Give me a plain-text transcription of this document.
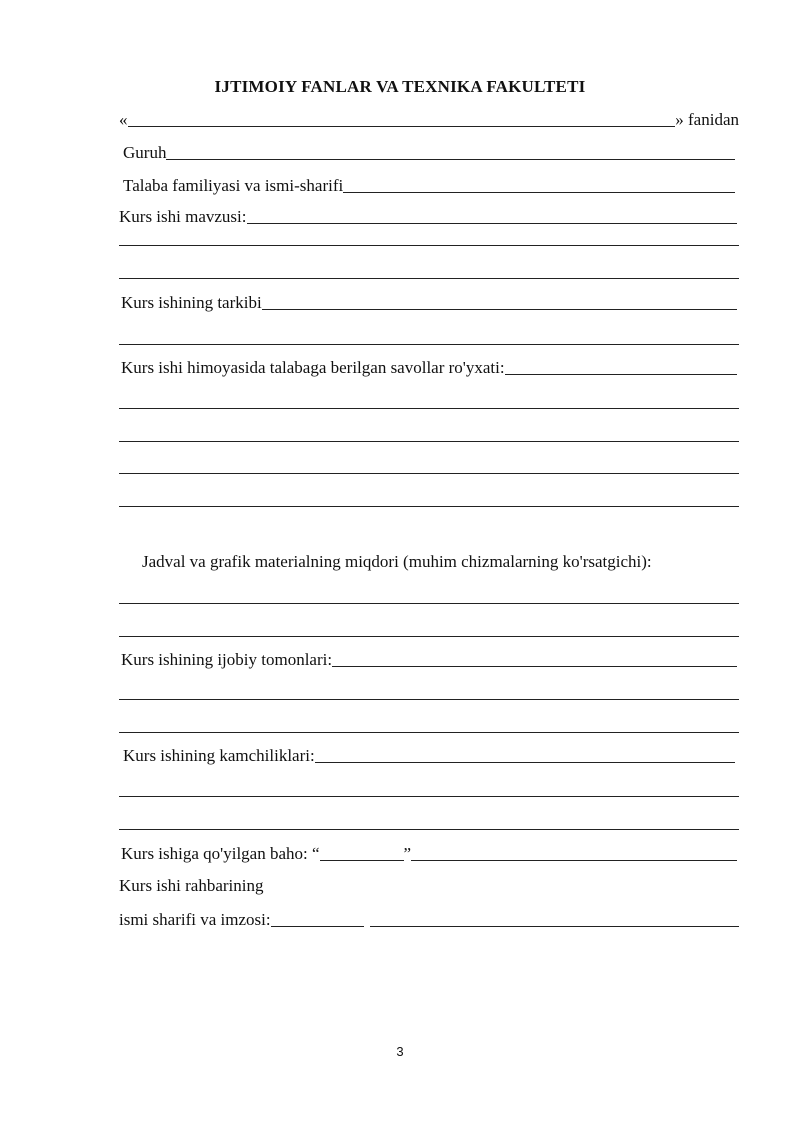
IJTIMOIY FANLAR VA TEXNIKA FAKULTETI
«	» fanidan
Guruh
Talaba familiyasi va ismi-sharifi
Kurs ishi mavzusi:
Kurs ishining tarkibi
Kurs ishi himoyasida talabaga berilgan savollar ro'yxati:
Jadval va grafik materialning miqdori (muhim chizmalarning ko'rsatgichi):
Kurs ishining ijobiy tomonlari:
Kurs ishining kamchiliklari:
Kurs ishiga qo'yilgan baho: “	”
Kurs ishi rahbarining
ismi sharifi va imzosi:
3
